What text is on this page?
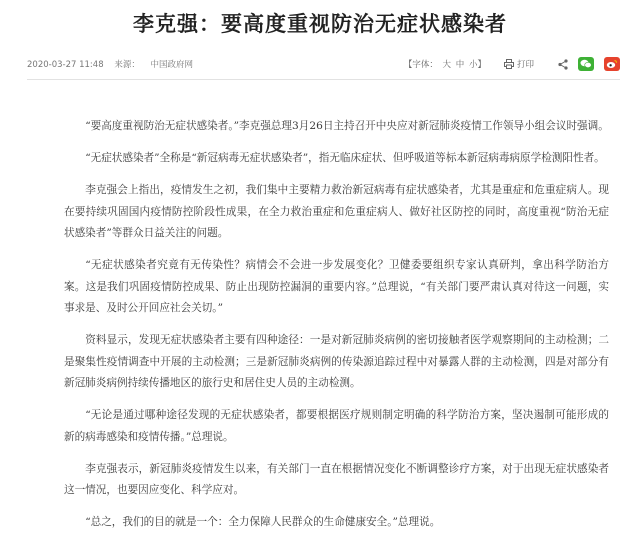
李克强：要高度重视防治无症状感染者
2020-03-27 11:48 来源： 中国政府网	【字体： 大 中 小】	打印

“要高度重视防治无症状感染者。”李克强总理3月26日主持召开中央应对新冠肺炎疫情工作领导小组会议时强调。

“无症状感染者”全称是“新冠病毒无症状感染者”，指无临床症状、但呼吸道等标本新冠病毒病原学检测阳性者。

李克强会上指出，疫情发生之初，我们集中主要精力救治新冠病毒有症状感染者，尤其是重症和危重症病人。现在要持续巩固国内疫情防控阶段性成果，在全力救治重症和危重症病人、做好社区防控的同时，高度重视“防治无症状感染者”等群众日益关注的问题。

“无症状感染者究竟有无传染性？病情会不会进一步发展变化？卫健委要组织专家认真研判，拿出科学防治方案。这是我们巩固疫情防控成果、防止出现防控漏洞的重要内容。”总理说，“有关部门要严肃认真对待这一问题，实事求是、及时公开回应社会关切。”

资料显示，发现无症状感染者主要有四种途径：一是对新冠肺炎病例的密切接触者医学观察期间的主动检测；二是聚集性疫情调查中开展的主动检测；三是新冠肺炎病例的传染源追踪过程中对暴露人群的主动检测，四是对部分有新冠肺炎病例持续传播地区的旅行史和居住史人员的主动检测。

“无论是通过哪种途径发现的无症状感染者，都要根据医疗规则制定明确的科学防治方案，坚决遏制可能形成的新的病毒感染和疫情传播。”总理说。

李克强表示，新冠肺炎疫情发生以来，有关部门一直在根据情况变化不断调整诊疗方案，对于出现无症状感染者这一情况，也要因应变化、科学应对。

“总之，我们的目的就是一个：全力保障人民群众的生命健康安全。”总理说。
